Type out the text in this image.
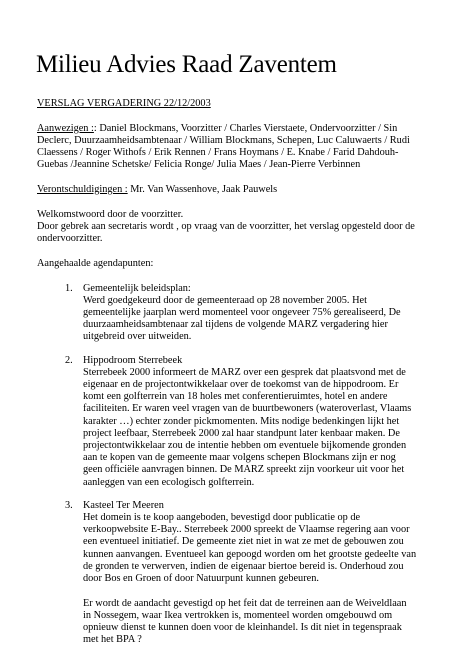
Milieu Advies Raad Zaventem

VERSLAG VERGADERING 22/12/2003

Aanwezigen :: Daniel Blockmans, Voorzitter / Charles Vierstaete, Ondervoorzitter / Sin Declerc, Duurzaamheidsambtenaar / William Blockmans, Schepen, Luc Caluwaerts / Rudi Claessens / Roger Withofs / Erik Rennen / Frans Hoymans / E. Knabe / Farid Dahdouh-Guebas /Jeannine Schetske/ Felicia Ronge/ Julia Maes / Jean-Pierre Verbinnen

Verontschuldigingen : Mr. Van Wassenhove, Jaak Pauwels

Welkomstwoord door de voorzitter.

Door gebrek aan secretaris wordt , op vraag van de voorzitter, het verslag opgesteld door de ondervoorzitter.

Aangehaalde agendapunten:

1. Gemeentelijk beleidsplan:
Werd goedgekeurd door de gemeenteraad op 28 november 2005. Het gemeentelijke jaarplan werd momenteel voor ongeveer 75% gerealiseerd, De duurzaamheidsambtenaar zal tijdens de volgende MARZ vergadering hier uitgebreid over uitweiden.
2. Hippodroom Sterrebeek
Sterrebeek 2000 informeert de MARZ over een gesprek dat plaatsvond met de eigenaar en de projectontwikkelaar over de toekomst van de hippodroom. Er komt een golfterrein van 18 holes met conferentieruimtes, hotel en andere faciliteiten. Er waren veel vragen van de buurtbewoners (wateroverlast, Vlaams karakter …) echter zonder pickmomenten. Mits nodige bedenkingen lijkt het project leefbaar, Sterrebeek 2000 zal haar standpunt later kenbaar maken. De projectontwikkelaar zou de intentie hebben om eventuele bijkomende gronden aan te kopen van de gemeente maar volgens schepen Blockmans zijn er nog geen officiële aanvragen binnen. De MARZ spreekt zijn voorkeur uit voor het aanleggen van een ecologisch golfterrein.
3. Kasteel Ter Meeren
Het domein is te koop aangeboden, bevestigd door publicatie op de verkoopwebsite E-Bay.. Sterrebeek 2000 spreekt de Vlaamse regering aan voor een eventueel initiatief. De gemeente ziet niet in wat ze met de gebouwen zou kunnen aanvangen. Eventueel kan gepoogd worden om het grootste gedeelte van de gronden te verwerven, indien de eigenaar biertoe bereid is. Onderhoud zou door Bos en Groen of door Natuurpunt kunnen gebeuren.
Er wordt de aandacht gevestigd op het feit dat de terreinen aan de Weiveldlaan in Nossegem, waar Ikea vertrokken is, momenteel worden omgebouwd om opnieuw dienst te kunnen doen voor de kleinhandel. Is dit niet in tegenspraak met het BPA ?
